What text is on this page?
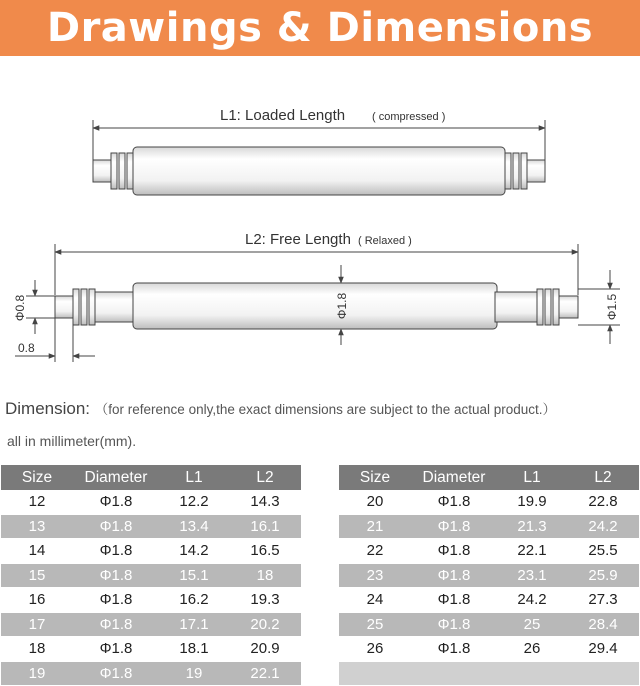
Drawings & Dimensions
L1: Loaded Length ( compressed )
L2: Free Length ( Relaxed )
Φ0.8
0.8
Φ1.8	Φ1.5
Dimension: （for reference only,the exact dimensions are subject to the actual product.）
all in millimeter(mm).
Size	Diameter	L1	L2
12	Φ1.8	12.2	14.3
13	Φ1.8	13.4	16.1
14	Φ1.8	14.2	16.5
15	Φ1.8	15.1	18
16	Φ1.8	16.2	19.3
17	Φ1.8	17.1	20.2
18	Φ1.8	18.1	20.9
19	Φ1.8	19	22.1
Size	Diameter	L1	L2
20	Φ1.8	19.9	22.8
21	Φ1.8	21.3	24.2
22	Φ1.8	22.1	25.5
23	Φ1.8	23.1	25.9
24	Φ1.8	24.2	27.3
25	Φ1.8	25	28.4
26	Φ1.8	26	29.4
